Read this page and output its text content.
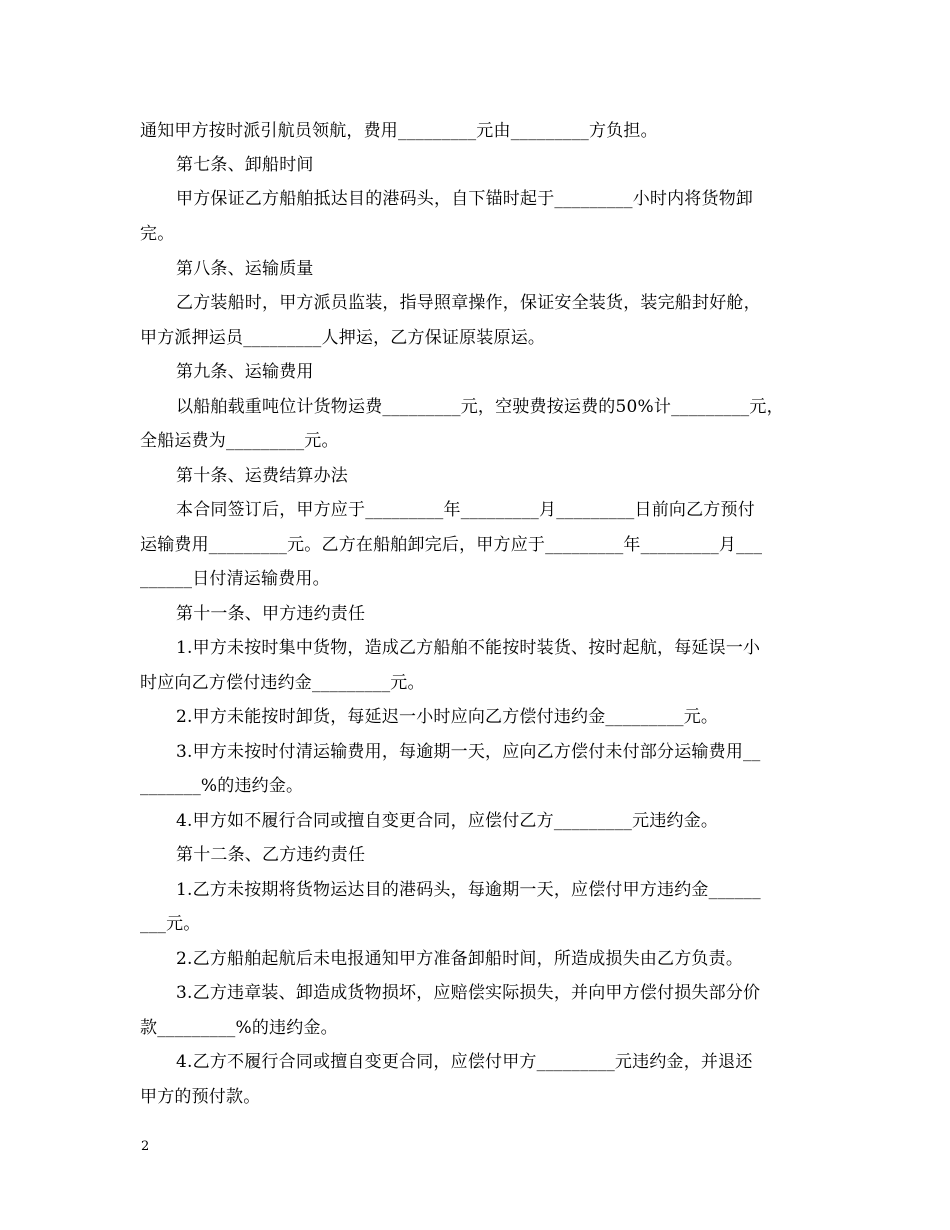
通知甲方按时派引航员领航，费用_________元由_________方负担。
第七条、卸船时间
甲方保证乙方船舶抵达目的港码头，自下锚时起于_________小时内将货物卸
完。
第八条、运输质量
乙方装船时，甲方派员监装，指导照章操作，保证安全装货，装完船封好舱，
甲方派押运员_________人押运，乙方保证原装原运。
第九条、运输费用
以船舶载重吨位计货物运费_________元，空驶费按运费的50%计_________元，
全船运费为_________元。
第十条、运费结算办法
本合同签订后，甲方应于_________年_________月_________日前向乙方预付
运输费用_________元。乙方在船舶卸完后，甲方应于_________年_________月___
______日付清运输费用。
第十一条、甲方违约责任
1.甲方未按时集中货物，造成乙方船舶不能按时装货、按时起航，每延误一小
时应向乙方偿付违约金_________元。
2.甲方未能按时卸货，每延迟一小时应向乙方偿付违约金_________元。
3.甲方未按时付清运输费用，每逾期一天，应向乙方偿付未付部分运输费用__
_______%的违约金。
4.甲方如不履行合同或擅自变更合同，应偿付乙方_________元违约金。
第十二条、乙方违约责任
1.乙方未按期将货物运达目的港码头，每逾期一天，应偿付甲方违约金______
___元。
2.乙方船舶起航后未电报通知甲方准备卸船时间，所造成损失由乙方负责。
3.乙方违章装、卸造成货物损坏，应赔偿实际损失，并向甲方偿付损失部分价
款_________%的违约金。
4.乙方不履行合同或擅自变更合同，应偿付甲方_________元违约金，并退还
甲方的预付款。
2
